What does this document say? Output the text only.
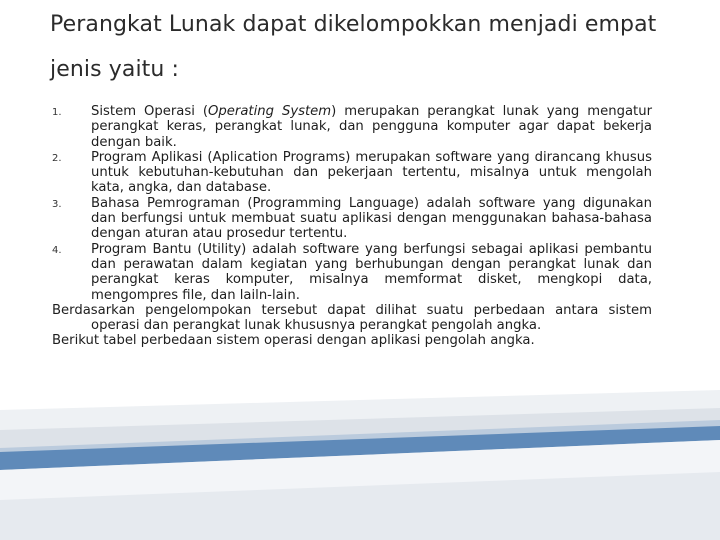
Perangkat Lunak dapat dikelompokkan menjadi empat jenis yaitu :

1. Sistem Operasi (Operating System) merupakan perangkat lunak yang mengatur perangkat keras, perangkat lunak, dan pengguna komputer agar dapat bekerja dengan baik.

2. Program Aplikasi (Aplication Programs) merupakan software yang dirancang khusus untuk kebutuhan-kebutuhan dan pekerjaan tertentu, misalnya untuk mengolah kata, angka, dan database.

3. Bahasa Pemrograman (Programming Language) adalah software yang digunakan dan berfungsi untuk membuat suatu aplikasi dengan menggunakan bahasa-bahasa dengan aturan atau prosedur tertentu.

4. Program Bantu (Utility) adalah software yang berfungsi sebagai aplikasi pembantu dan perawatan dalam kegiatan yang berhubungan dengan perangkat lunak dan perangkat keras komputer, misalnya memformat disket, mengkopi data, mengompres file, dan lailn-lain.

Berdasarkan pengelompokan tersebut dapat dilihat suatu perbedaan antara sistem operasi dan perangkat lunak khususnya perangkat pengolah angka.

Berikut tabel perbedaan sistem operasi dengan aplikasi pengolah angka.
